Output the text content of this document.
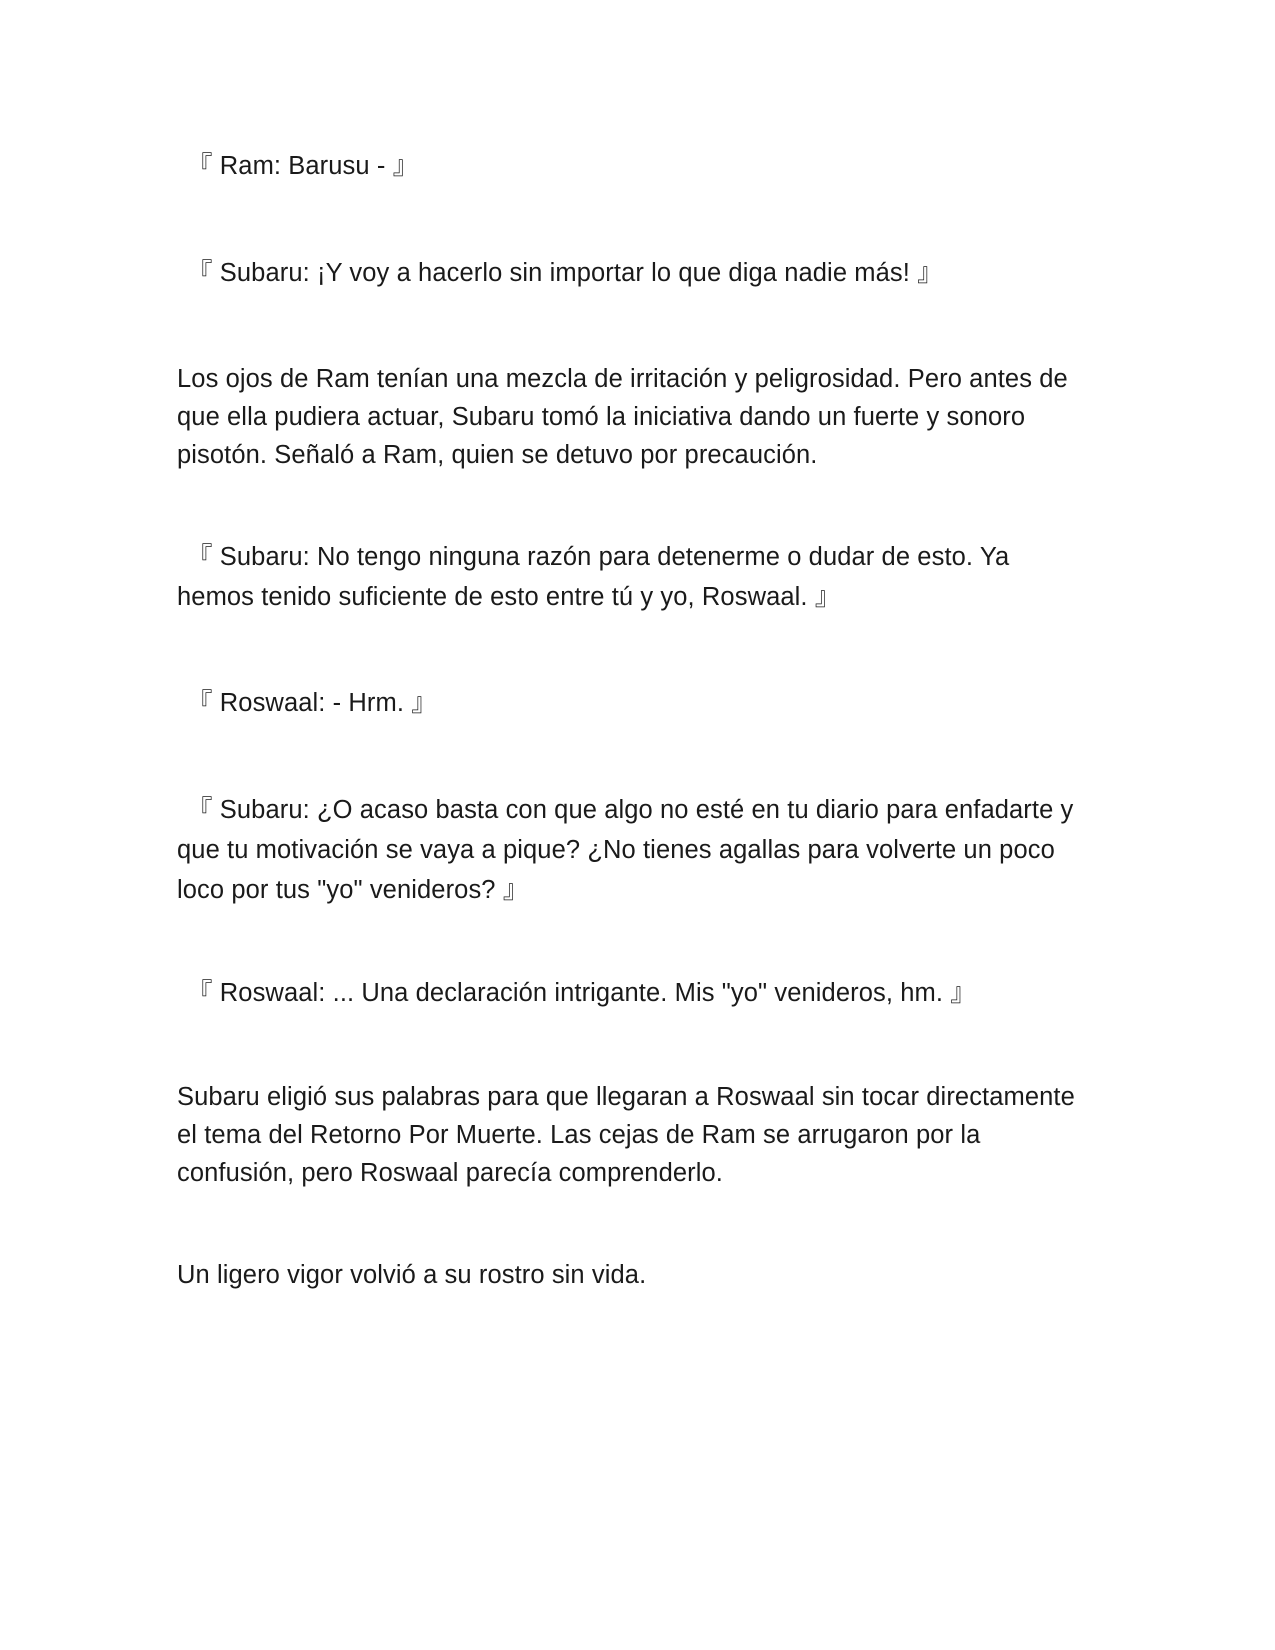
『 Ram: Barusu - 』

『 Subaru: ¡Y voy a hacerlo sin importar lo que diga nadie más! 』

Los ojos de Ram tenían una mezcla de irritación y peligrosidad. Pero antes de
que ella pudiera actuar, Subaru tomó la iniciativa dando un fuerte y sonoro
pisotón. Señaló a Ram, quien se detuvo por precaución.

『 Subaru: No tengo ninguna razón para detenerme o dudar de esto. Ya
hemos tenido suficiente de esto entre tú y yo, Roswaal. 』

『 Roswaal: - Hrm. 』

『 Subaru: ¿O acaso basta con que algo no esté en tu diario para enfadarte y
que tu motivación se vaya a pique? ¿No tienes agallas para volverte un poco
loco por tus "yo" venideros? 』

『 Roswaal: ... Una declaración intrigante. Mis "yo" venideros, hm. 』

Subaru eligió sus palabras para que llegaran a Roswaal sin tocar directamente
el tema del Retorno Por Muerte. Las cejas de Ram se arrugaron por la
confusión, pero Roswaal parecía comprenderlo.

Un ligero vigor volvió a su rostro sin vida.
